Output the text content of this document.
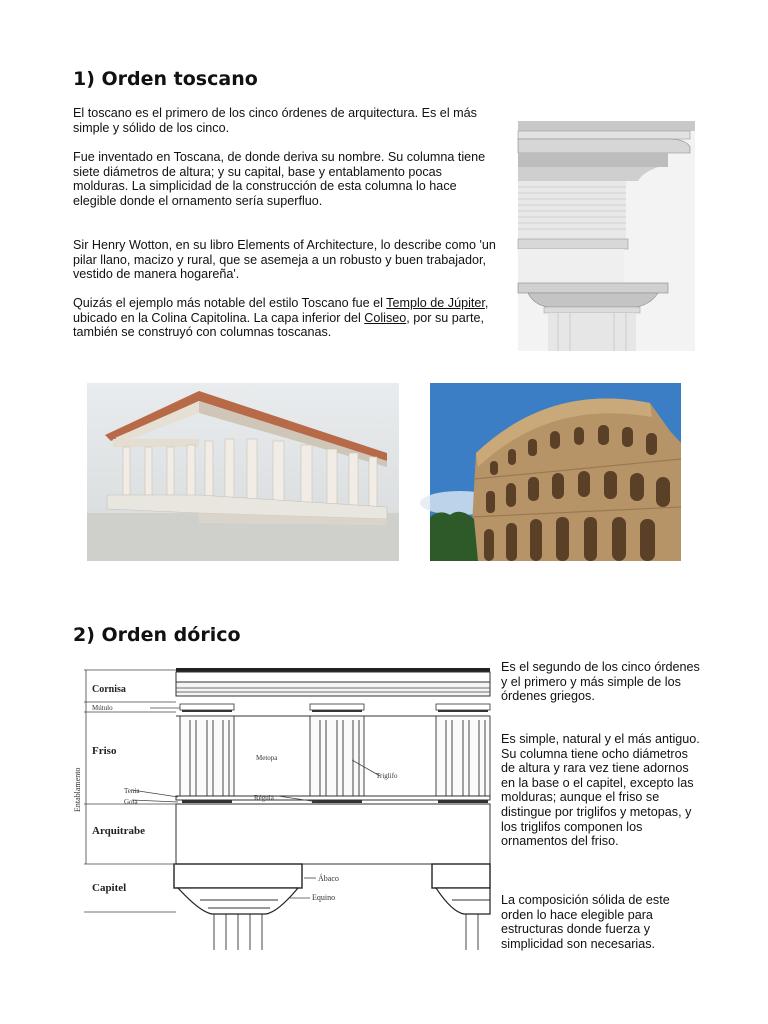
1) Orden toscano

El toscano es el primero de los cinco órdenes de arquitectura. Es el más simple y sólido de los cinco.

Fue inventado en Toscana, de donde deriva su nombre. Su columna tiene siete diámetros de altura; y su capital, base y entablamento pocas molduras. La simplicidad de la construcción de esta columna lo hace elegible donde el ornamento sería superfluo.

Sir Henry Wotton, en su libro Elements of Architecture, lo describe como 'un pilar llano, macizo y rural, que se asemeja a un robusto y buen trabajador, vestido de manera hogareña'.

Quizás el ejemplo más notable del estilo Toscano fue el Templo de Júpiter, ubicado en la Colina Capitolina. La capa inferior del Coliseo, por su parte, también se construyó con columnas toscanas.

2) Orden dórico
Cornisa
Mútulo
Friso
Tenia
Gota
Arquitrabe
Capitel
Entablamento
Metopa
Triglifo
Régula
Ábaco
Equino

Es el segundo de los cinco órdenes y el primero y más simple de los órdenes griegos.

Es simple, natural y el más antiguo. Su columna tiene ocho diámetros de altura y rara vez tiene adornos en la base o el capitel, excepto las molduras; aunque el friso se distingue por triglifos y metopas, y los triglifos componen los ornamentos del friso.

La composición sólida de este orden lo hace elegible para estructuras donde fuerza y simplicidad son necesarias.
